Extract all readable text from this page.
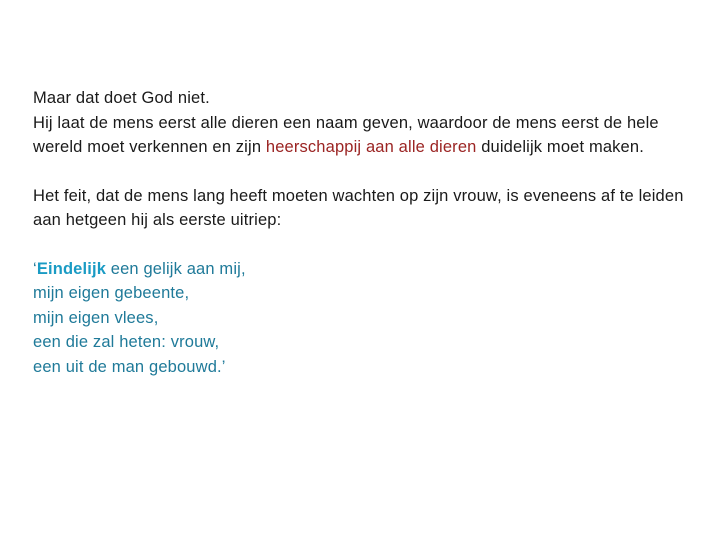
Maar dat doet God niet.
Hij laat de mens eerst alle dieren een naam geven, waardoor de mens eerst de hele wereld moet verkennen en zijn heerschappij aan alle dieren duidelijk moet maken.

Het feit, dat de mens lang heeft moeten wachten op zijn vrouw, is eveneens af te leiden aan hetgeen hij als eerste uitriep:

‘Eindelijk een gelijk aan mij,
mijn eigen gebeente,
mijn eigen vlees,
een die zal heten: vrouw,
een uit de man gebouwd.’
